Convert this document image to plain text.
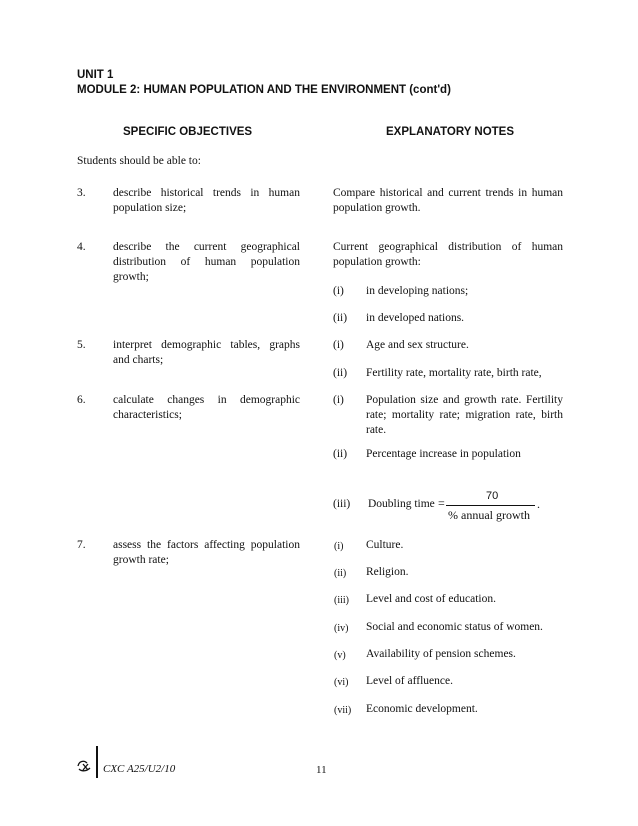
UNIT 1
MODULE 2: HUMAN POPULATION AND THE ENVIRONMENT (cont'd)
SPECIFIC OBJECTIVES	EXPLANATORY NOTES
Students should be able to:
3. describe historical trends in human population size;
Compare historical and current trends in human population growth.
4. describe the current geographical distribution of human population growth;
Current geographical distribution of human population growth:
(i) in developing nations;
(ii) in developed nations.
5. interpret demographic tables, graphs and charts;
(i) Age and sex structure.
(ii) Fertility rate, mortality rate, birth rate,
6. calculate changes in demographic characteristics;
(i) Population size and growth rate. Fertility rate; mortality rate; migration rate, birth rate.
(ii) Percentage increase in population
(iii) Doubling time =	70
% annual growth
.
7. assess the factors affecting population growth rate;
(i) Culture.
(ii) Religion.
(iii) Level and cost of education.
(iv) Social and economic status of women.
(v) Availability of pension schemes.
(vi) Level of affluence.
(vii) Economic development.
CXC A25/U2/10	11
